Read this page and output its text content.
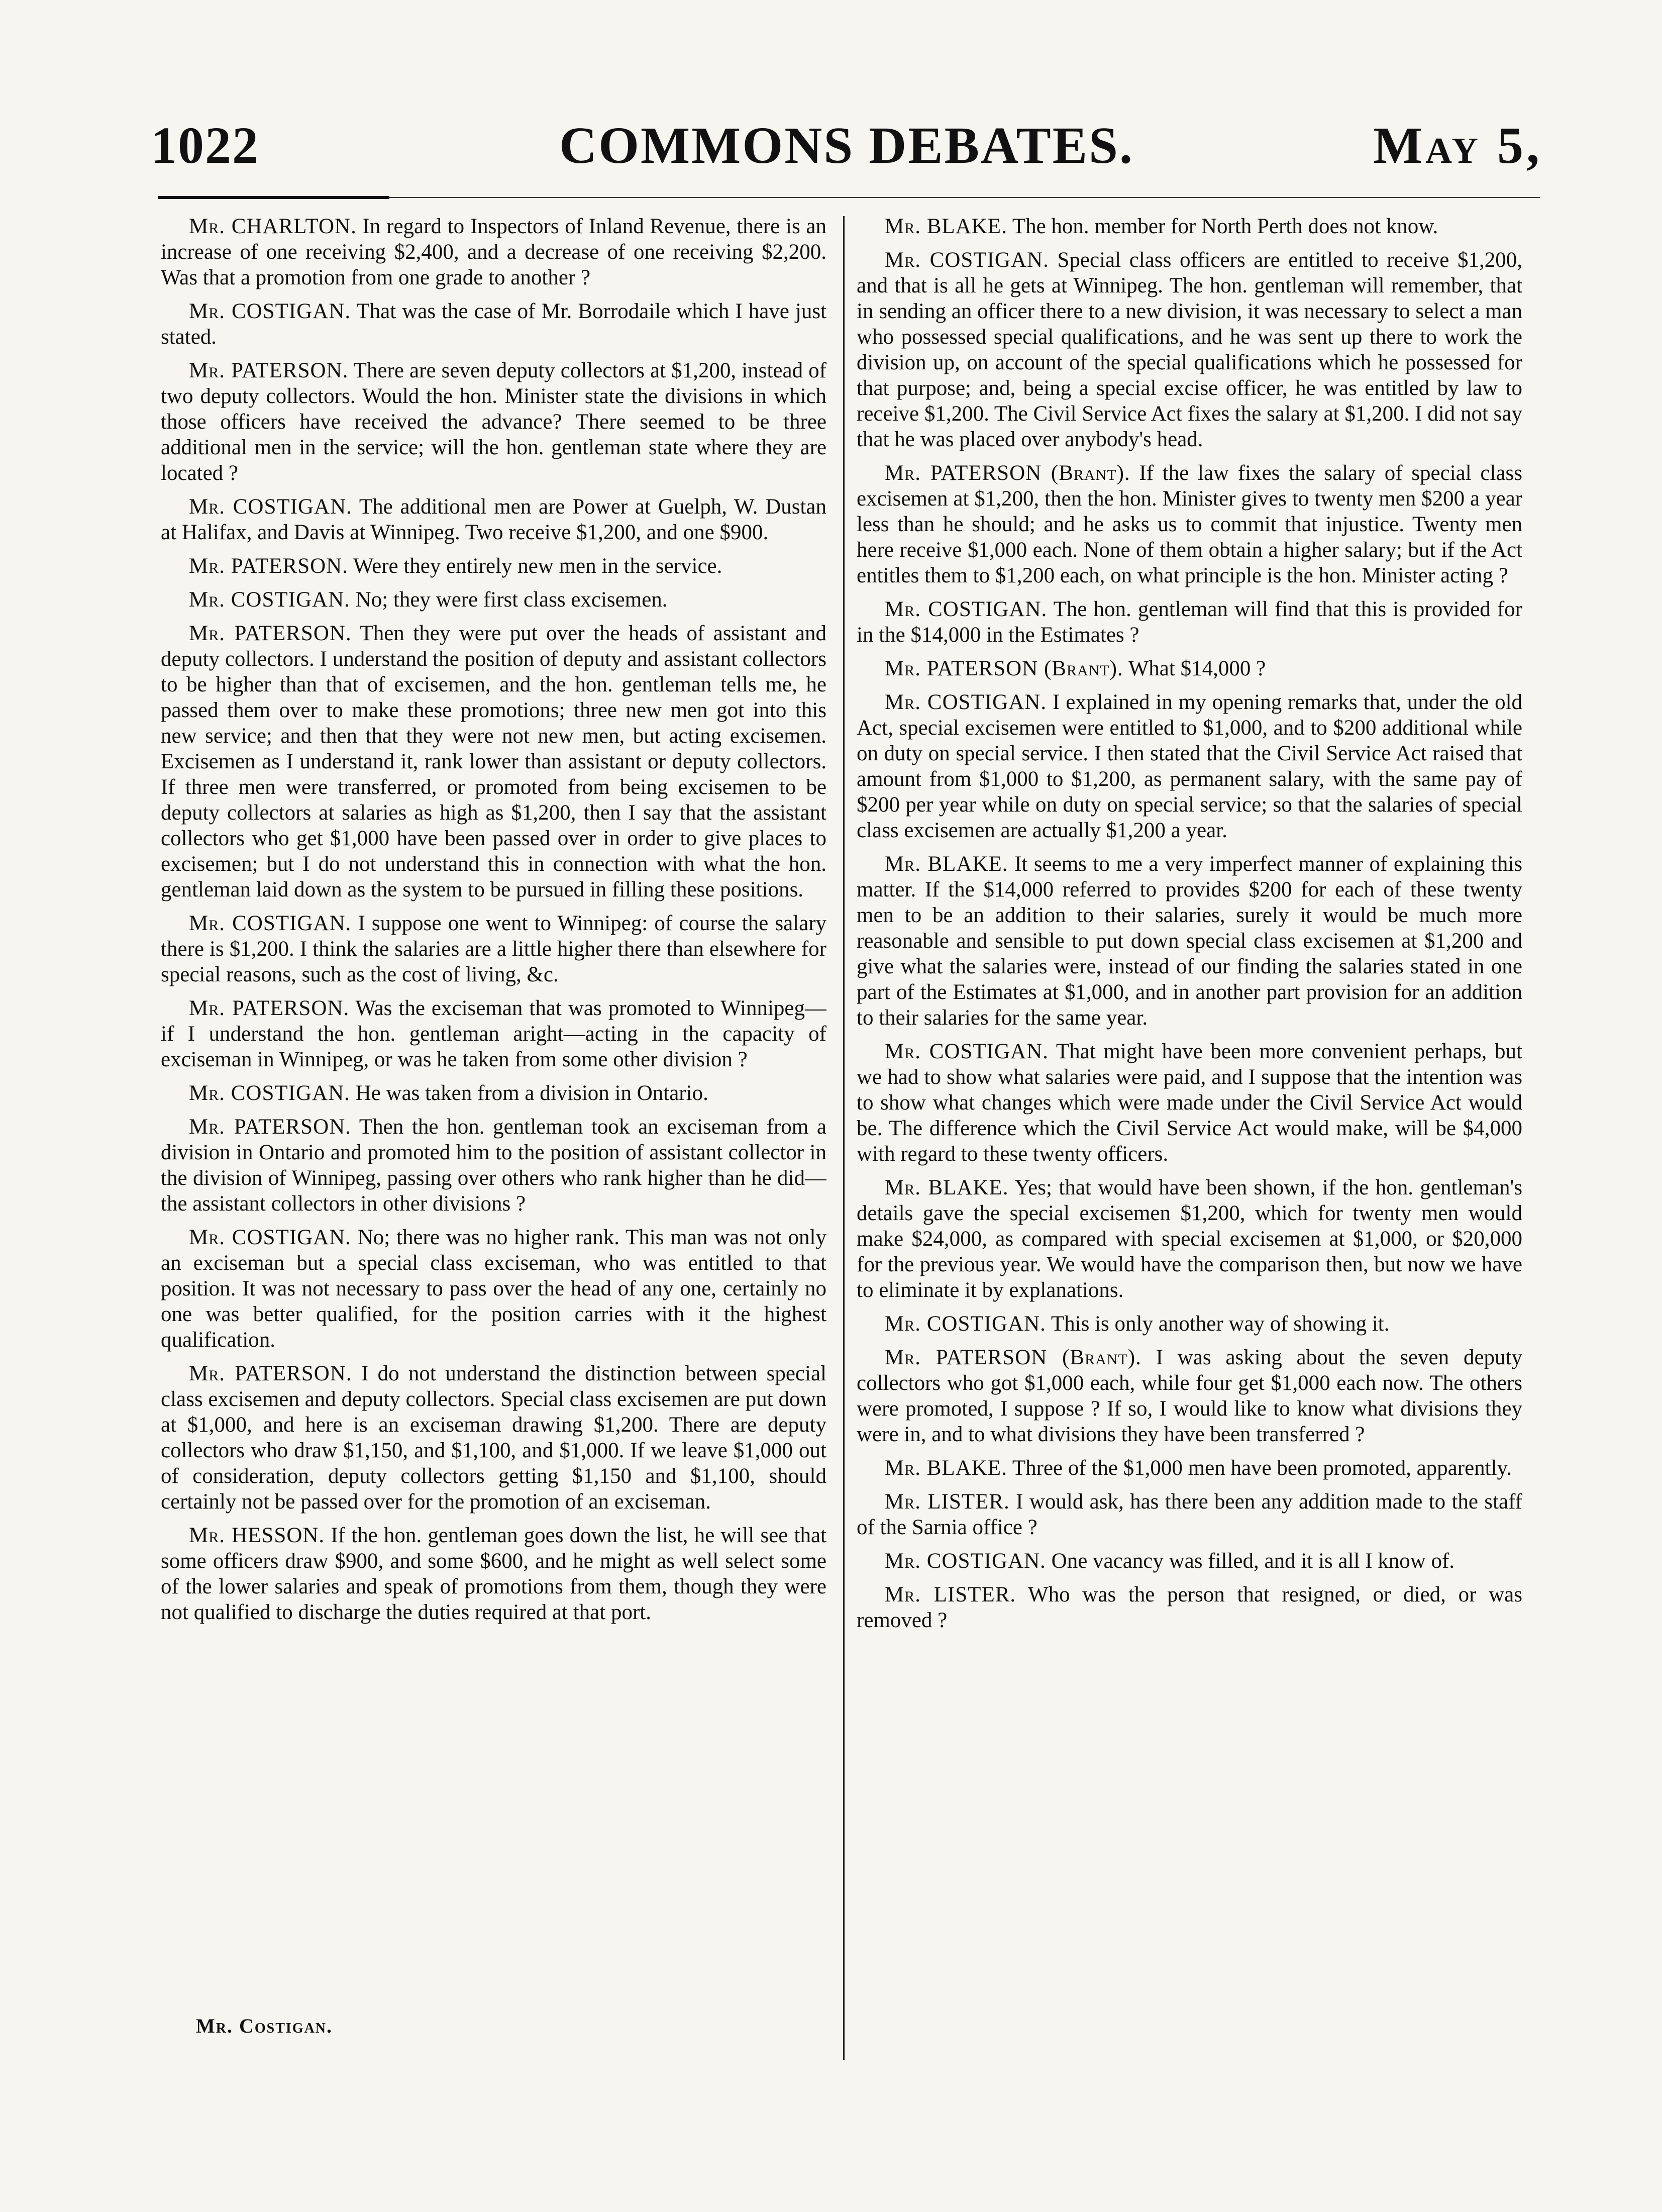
COMMONS DEBATES.
1022	May 5,

Mr. CHARLTON. In regard to Inspectors of Inland Revenue, there is an increase of one receiving $2,400, and a decrease of one receiving $2,200. Was that a promotion from one grade to another ?

Mr. COSTIGAN. That was the case of Mr. Borrodaile which I have just stated.

Mr. PATERSON. There are seven deputy collectors at $1,200, instead of two deputy collectors. Would the hon. Minister state the divisions in which those officers have received the advance? There seemed to be three additional men in the service; will the hon. gentleman state where they are located ?

Mr. COSTIGAN. The additional men are Power at Guelph, W. Dustan at Halifax, and Davis at Winnipeg. Two receive $1,200, and one $900.

Mr. PATERSON. Were they entirely new men in the service.

Mr. COSTIGAN. No; they were first class excisemen.

Mr. PATERSON. Then they were put over the heads of assistant and deputy collectors. I understand the position of deputy and assistant collectors to be higher than that of excisemen, and the hon. gentleman tells me, he passed them over to make these promotions; three new men got into this new service; and then that they were not new men, but acting excisemen. Excisemen as I understand it, rank lower than assistant or deputy collectors. If three men were transferred, or promoted from being excisemen to be deputy collectors at salaries as high as $1,200, then I say that the assistant collectors who get $1,000 have been passed over in order to give places to excisemen; but I do not understand this in connection with what the hon. gentleman laid down as the system to be pursued in filling these positions.

Mr. COSTIGAN. I suppose one went to Winnipeg: of course the salary there is $1,200. I think the salaries are a little higher there than elsewhere for special reasons, such as the cost of living, &c.

Mr. PATERSON. Was the exciseman that was promoted to Winnipeg—if I understand the hon. gentleman aright—acting in the capacity of exciseman in Winnipeg, or was he taken from some other division ?

Mr. COSTIGAN. He was taken from a division in Ontario.

Mr. PATERSON. Then the hon. gentleman took an exciseman from a division in Ontario and promoted him to the position of assistant collector in the division of Winnipeg, passing over others who rank higher than he did—the assistant collectors in other divisions ?

Mr. COSTIGAN. No; there was no higher rank. This man was not only an exciseman but a special class exciseman, who was entitled to that position. It was not necessary to pass over the head of any one, certainly no one was better qualified, for the position carries with it the highest qualification.

Mr. PATERSON. I do not understand the distinction between special class excisemen and deputy collectors. Special class excisemen are put down at $1,000, and here is an exciseman drawing $1,200. There are deputy collectors who draw $1,150, and $1,100, and $1,000. If we leave $1,000 out of consideration, deputy collectors getting $1,150 and $1,100, should certainly not be passed over for the promotion of an exciseman.

Mr. HESSON. If the hon. gentleman goes down the list, he will see that some officers draw $900, and some $600, and he might as well select some of the lower salaries and speak of promotions from them, though they were not qualified to discharge the duties required at that port.

Mr. BLAKE. The hon. member for North Perth does not know.

Mr. COSTIGAN. Special class officers are entitled to receive $1,200, and that is all he gets at Winnipeg. The hon. gentleman will remember, that in sending an officer there to a new division, it was necessary to select a man who possessed special qualifications, and he was sent up there to work the division up, on account of the special qualifications which he possessed for that purpose; and, being a special excise officer, he was entitled by law to receive $1,200. The Civil Service Act fixes the salary at $1,200. I did not say that he was placed over anybody's head.

Mr. PATERSON (Brant). If the law fixes the salary of special class excisemen at $1,200, then the hon. Minister gives to twenty men $200 a year less than he should; and he asks us to commit that injustice. Twenty men here receive $1,000 each. None of them obtain a higher salary; but if the Act entitles them to $1,200 each, on what principle is the hon. Minister acting ?

Mr. COSTIGAN. The hon. gentleman will find that this is provided for in the $14,000 in the Estimates ?

Mr. PATERSON (Brant). What $14,000 ?

Mr. COSTIGAN. I explained in my opening remarks that, under the old Act, special excisemen were entitled to $1,000, and to $200 additional while on duty on special service. I then stated that the Civil Service Act raised that amount from $1,000 to $1,200, as permanent salary, with the same pay of $200 per year while on duty on special service; so that the salaries of special class excisemen are actually $1,200 a year.

Mr. BLAKE. It seems to me a very imperfect manner of explaining this matter. If the $14,000 referred to provides $200 for each of these twenty men to be an addition to their salaries, surely it would be much more reasonable and sensible to put down special class excisemen at $1,200 and give what the salaries were, instead of our finding the salaries stated in one part of the Estimates at $1,000, and in another part provision for an addition to their salaries for the same year.

Mr. COSTIGAN. That might have been more convenient perhaps, but we had to show what salaries were paid, and I suppose that the intention was to show what changes which were made under the Civil Service Act would be. The difference which the Civil Service Act would make, will be $4,000 with regard to these twenty officers.

Mr. BLAKE. Yes; that would have been shown, if the hon. gentleman's details gave the special excisemen $1,200, which for twenty men would make $24,000, as compared with special excisemen at $1,000, or $20,000 for the previous year. We would have the comparison then, but now we have to eliminate it by explanations.

Mr. COSTIGAN. This is only another way of showing it.

Mr. PATERSON (Brant). I was asking about the seven deputy collectors who got $1,000 each, while four get $1,000 each now. The others were promoted, I suppose ? If so, I would like to know what divisions they were in, and to what divisions they have been transferred ?

Mr. BLAKE. Three of the $1,000 men have been promoted, apparently.

Mr. LISTER. I would ask, has there been any addition made to the staff of the Sarnia office ?

Mr. COSTIGAN. One vacancy was filled, and it is all I know of.

Mr. LISTER. Who was the person that resigned, or died, or was removed ?

Mr. Costigan.
